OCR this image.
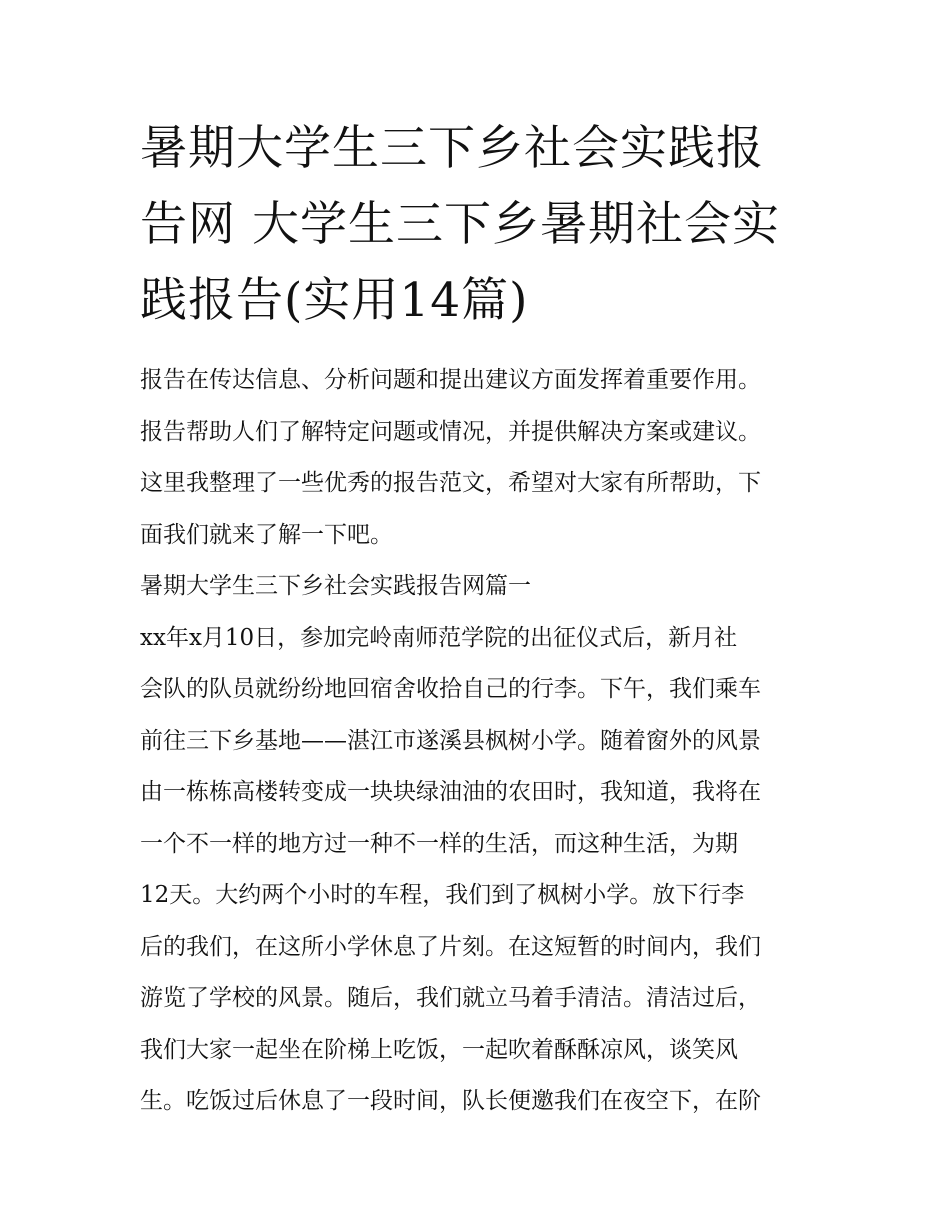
暑期大学生三下乡社会实践报
告网 大学生三下乡暑期社会实
践报告(实用14篇)
报告在传达信息、分析问题和提出建议方面发挥着重要作用。
报告帮助人们了解特定问题或情况，并提供解决方案或建议。
这里我整理了一些优秀的报告范文，希望对大家有所帮助，下
面我们就来了解一下吧。
暑期大学生三下乡社会实践报告网篇一
xx年x月10日，参加完岭南师范学院的出征仪式后，新月社
会队的队员就纷纷地回宿舍收拾自己的行李。下午，我们乘车
前往三下乡基地——湛江市遂溪县枫树小学。随着窗外的风景
由一栋栋高楼转变成一块块绿油油的农田时，我知道，我将在
一个不一样的地方过一种不一样的生活，而这种生活，为期
12天。大约两个小时的车程，我们到了枫树小学。放下行李
后的我们，在这所小学休息了片刻。在这短暂的时间内，我们
游览了学校的风景。随后，我们就立马着手清洁。清洁过后，
我们大家一起坐在阶梯上吃饭，一起吹着酥酥凉风，谈笑风
生。吃饭过后休息了一段时间，队长便邀我们在夜空下，在阶
